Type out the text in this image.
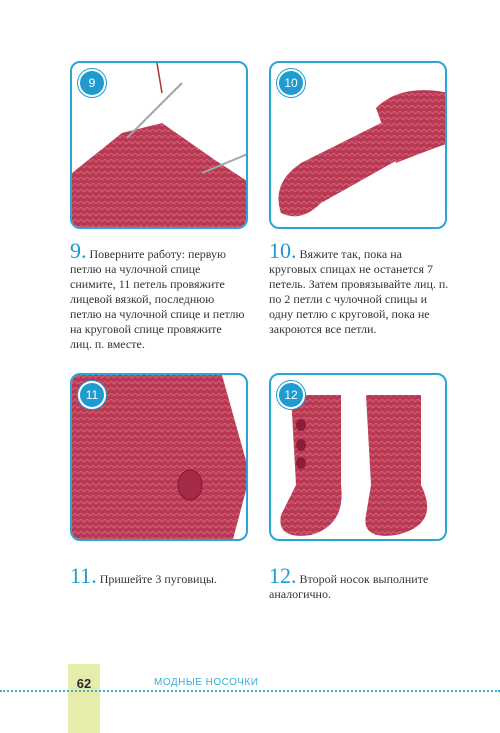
9	10
11	12
9. Поверните работу: первую петлю на чулочной спице снимите, 11 петель провяжите лицевой вязкой, последнюю петлю на чулочной спице и петлю на круговой спице провяжите лиц. п. вместе.
10. Вяжите так, пока на круговых спицах не останется 7 петель. Затем провязывайте лиц. п. по 2 петли с чулочной спицы и одну петлю с круговой, пока не закроются все петли.
11. Пришейте 3 пуговицы.	12. Второй носок выполните аналогично.
62	МОДНЫЕ НОСОЧКИ
